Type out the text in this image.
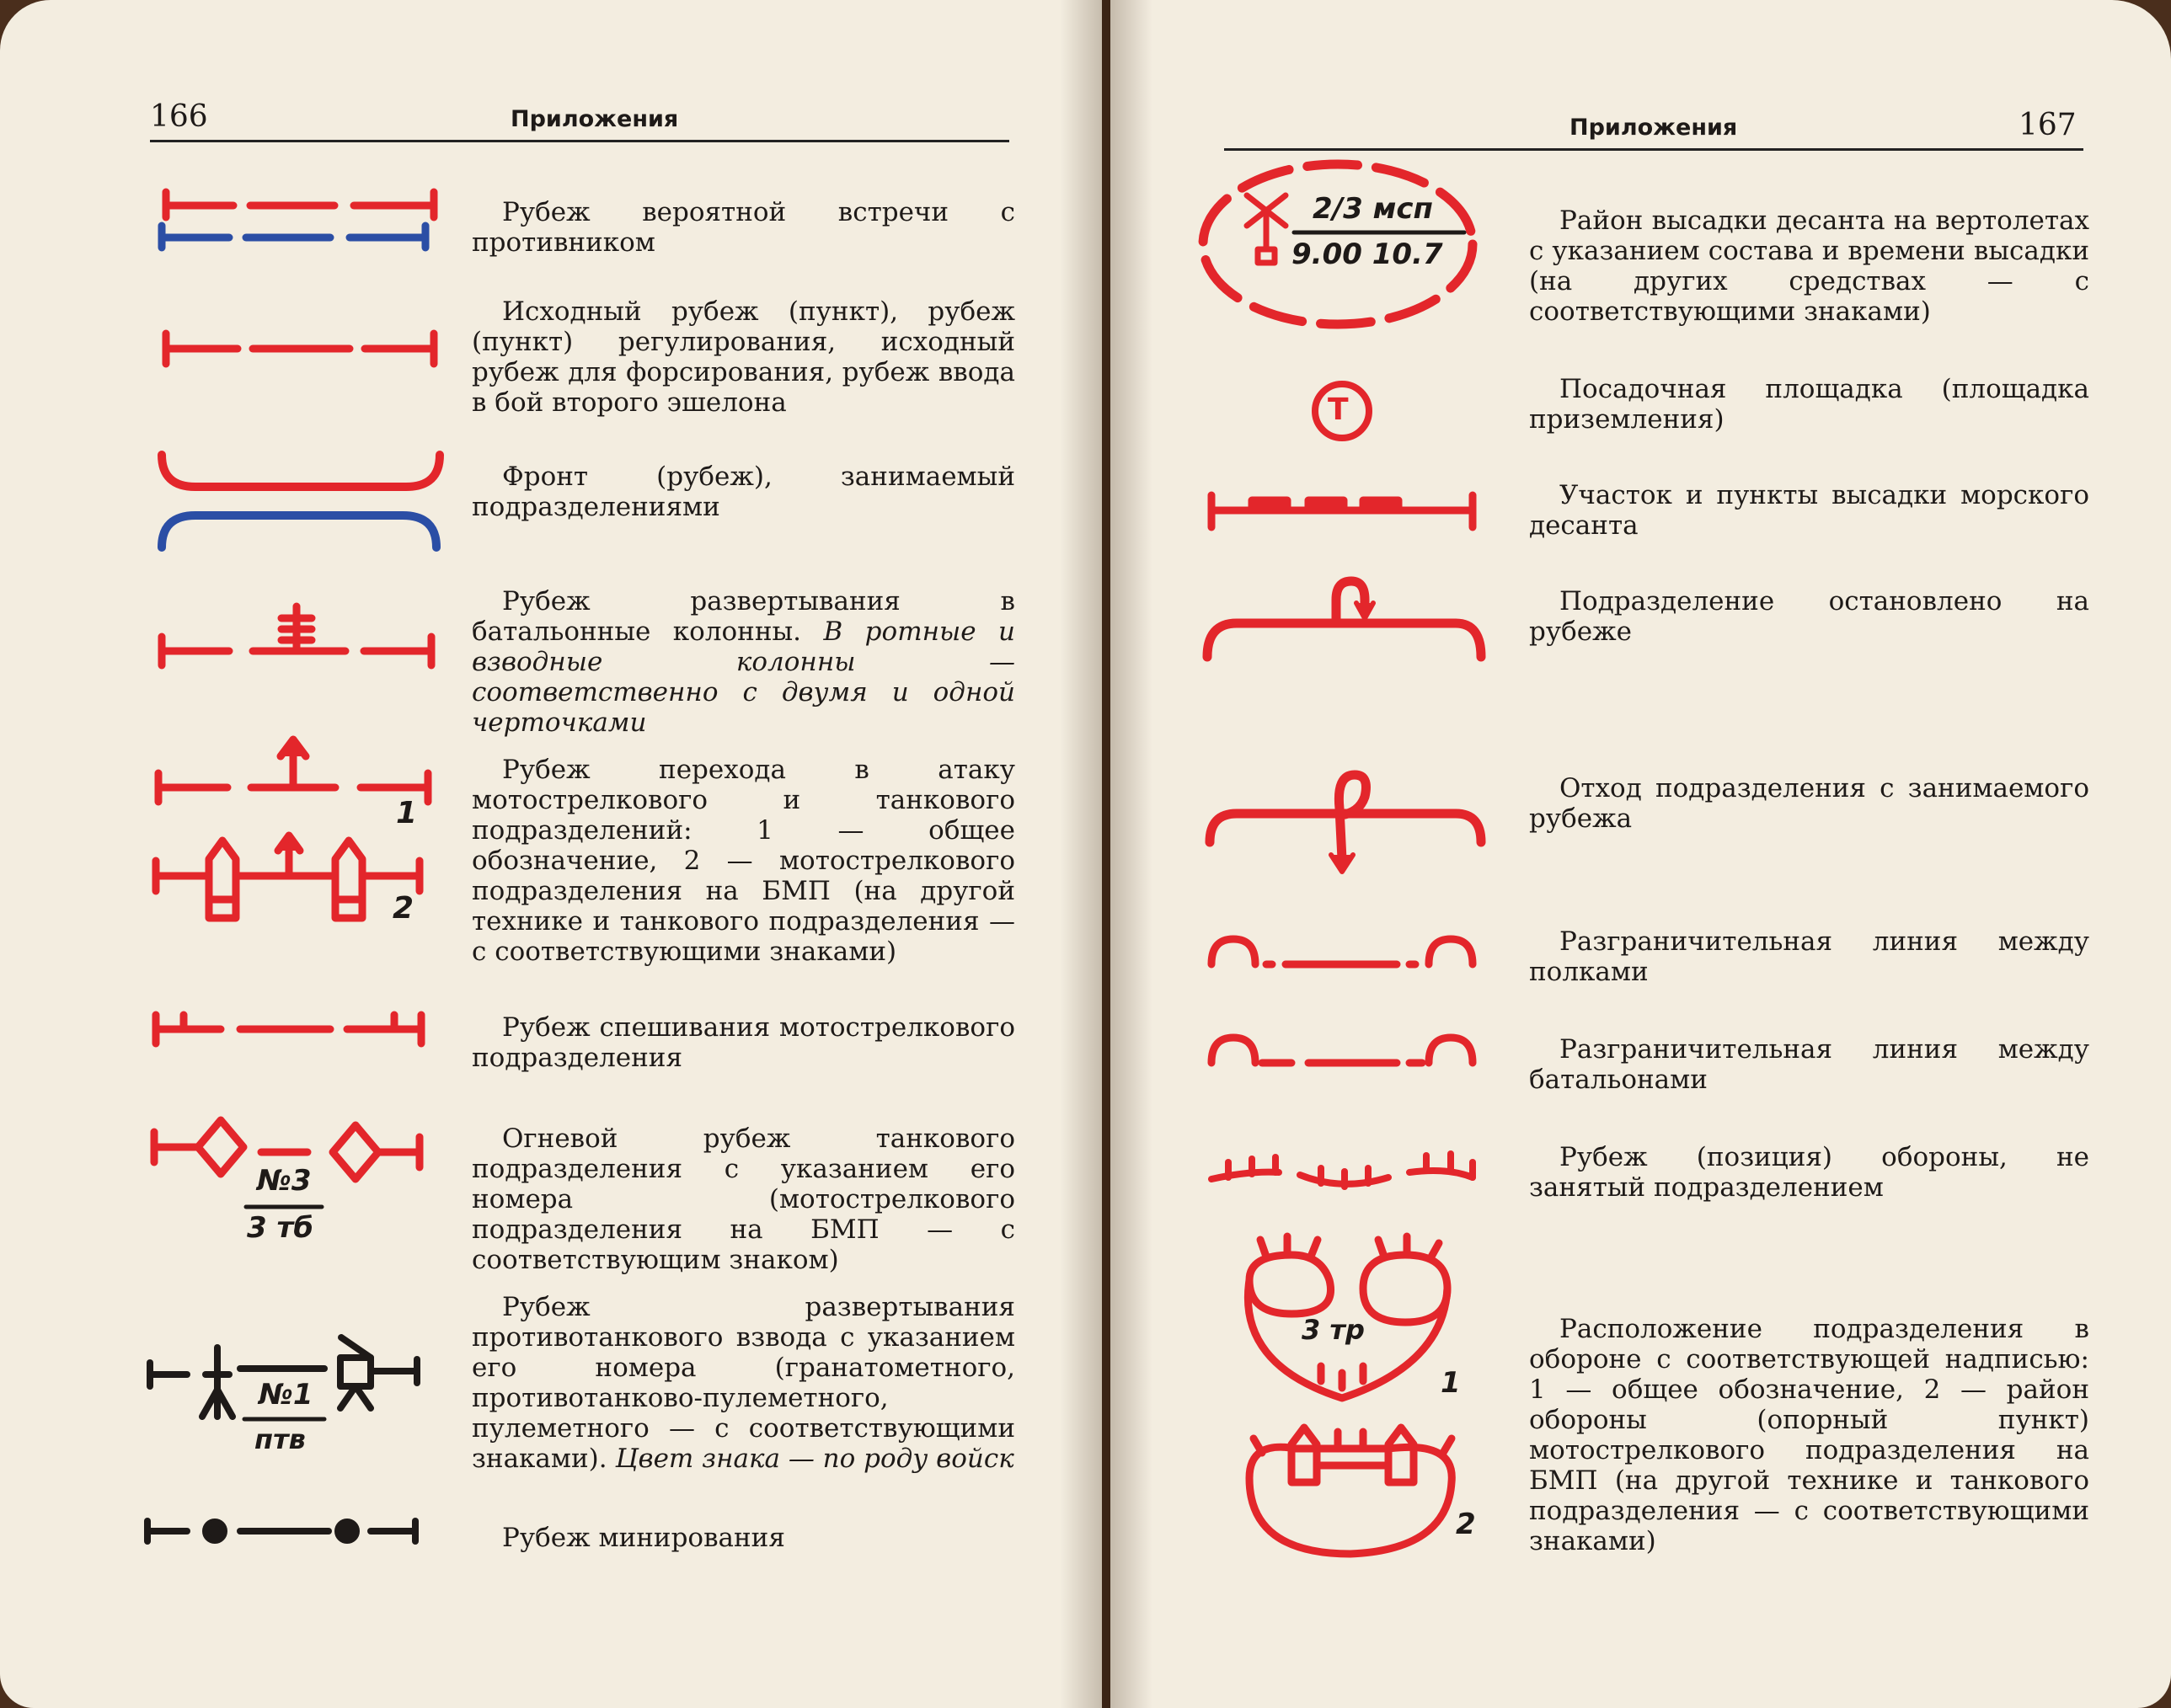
166	Приложения
1
2
№3
3 тб
№1
птв

Рубеж вероятной встречи с противником

Исходный рубеж (пункт), рубеж (пункт) регулирования, исходный рубеж для форсирования, рубеж ввода в бой второго эшелона

Фронт (рубеж), занимаемый подразделениями

Рубеж развертывания в батальонные колонны. В ротные и взводные колонны — соответственно с двумя и одной черточками

Рубеж перехода в атаку мотострелкового и танкового подразделений: 1 — общее обозначение, 2 — мотострелкового подразделения на БМП (на другой технике и танкового подразделения — с соответствующими знаками)

Рубеж спешивания мотострелкового подразделения

Огневой рубеж танкового подразделения с указанием его номера (мотострелкового подразделения на БМП — с соответствующим знаком)

Рубеж развертывания противотанкового взвода с указанием его номера (гранатометного, противотанково-пулеметного, пулеметного — с соответствующими знаками). Цвет знака — по роду войск

Рубеж минирования

Приложения	167
2/3 мсп
9.00 10.7
Т
3 тр
1
2

Район высадки десанта на вертолетах с указанием состава и времени высадки (на других средствах — с соответствующими знаками)

Посадочная площадка (площадка приземления)

Участок и пункты высадки морского десанта

Подразделение остановлено на рубеже

Отход подразделения с занимаемого рубежа

Разграничительная линия между полками

Разграничительная линия между батальонами

Рубеж (позиция) обороны, не занятый подразделением

Расположение подразделения в обороне с соответствующей надписью: 1 — общее обозначение, 2 — район обороны (опорный пункт) мотострелкового подразделения на БМП (на другой технике и танкового подразделения — с соответствующими знаками)
